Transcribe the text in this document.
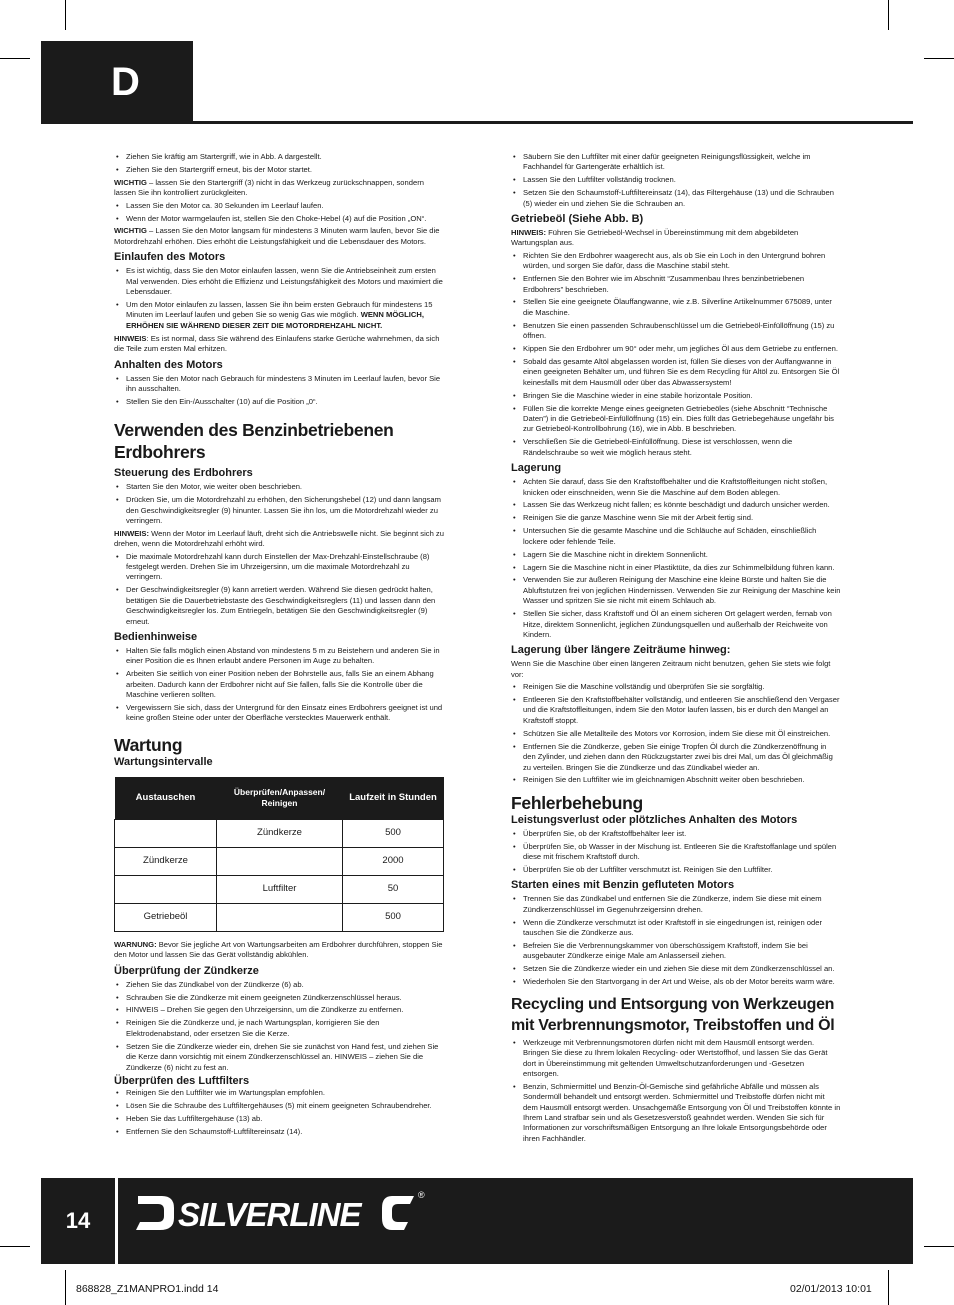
D
• Ziehen Sie kräftig am Startergriff, wie in Abb. A dargestellt.
• Ziehen Sie den Startergriff erneut, bis der Motor startet.

WICHTIG – lassen Sie den Startergriff (3) nicht in das Werkzeug zurückschnappen, sondern lassen Sie ihn kontrolliert zurückgleiten.

• Lassen Sie den Motor ca. 30 Sekunden im Leerlauf laufen.
• Wenn der Motor warmgelaufen ist, stellen Sie den Choke-Hebel (4) auf die Position „ON“.

WICHTIG – Lassen Sie den Motor langsam für mindestens 3 Minuten warm laufen, bevor Sie die Motordrehzahl erhöhen. Dies erhöht die Leistungsfähigkeit und die Lebensdauer des Motors.

Einlaufen des Motors
• Es ist wichtig, dass Sie den Motor einlaufen lassen, wenn Sie die Antriebseinheit zum ersten Mal verwenden. Dies erhöht die Effizienz und Leistungsfähigkeit des Motors und maximiert die Lebensdauer.
• Um den Motor einlaufen zu lassen, lassen Sie ihn beim ersten Gebrauch für mindestens 15 Minuten im Leerlauf laufen und geben Sie so wenig Gas wie möglich. WENN MÖGLICH, ERHÖHEN SIE WÄHREND DIESER ZEIT DIE MOTORDREHZAHL NICHT.

HINWEIS: Es ist normal, dass Sie während des Einlaufens starke Gerüche wahrnehmen, da sich die Teile zum ersten Mal erhitzen.

Anhalten des Motors
• Lassen Sie den Motor nach Gebrauch für mindestens 3 Minuten im Leerlauf laufen, bevor Sie ihn ausschalten.
• Stellen Sie den Ein-/Ausschalter (10) auf die Position „0“.
Verwenden des Benzinbetriebenen
Erdbohrers
Steuerung des Erdbohrers
• Starten Sie den Motor, wie weiter oben beschrieben.
• Drücken Sie, um die Motordrehzahl zu erhöhen, den Sicherungshebel (12) und dann langsam den Geschwindigkeitsregler (9) hinunter. Lassen Sie ihn los, um die Motordrehzahl wieder zu verringern.

HINWEIS: Wenn der Motor im Leerlauf läuft, dreht sich die Antriebswelle nicht. Sie beginnt sich zu drehen, wenn die Motordrehzahl erhöht wird.

• Die maximale Motordrehzahl kann durch Einstellen der Max-Drehzahl-Einstellschraube (8) festgelegt werden. Drehen Sie im Uhrzeigersinn, um die maximale Motordrehzahl zu verringern.
• Der Geschwindigkeitsregler (9) kann arretiert werden. Während Sie diesen gedrückt halten, betätigen Sie die Dauerbetriebstaste des Geschwindigkeitsreglers (11) und lassen dann den Geschwindigkeitsregler los. Zum Entriegeln, betätigen Sie den Geschwindigkeitsregler (9) erneut.
Bedienhinweise
• Halten Sie falls möglich einen Abstand von mindestens 5 m zu Beistehern und anderen Sie in einer Position die es Ihnen erlaubt andere Personen im Auge zu behalten.
• Arbeiten Sie seitlich von einer Position neben der Bohrstelle aus, falls Sie an einem Abhang arbeiten. Dadurch kann der Erdbohrer nicht auf Sie fallen, falls Sie die Kontrolle über die Maschine verlieren sollten.
• Vergewissern Sie sich, dass der Untergrund für den Einsatz eines Erdbohrers geeignet ist und keine großen Steine oder unter der Oberfläche verstecktes Mauerwerk enthält.
Wartung
Wartungsintervalle
Austauschen	Überprüfen/Anpassen/ Reinigen	Laufzeit in Stunden
	Zündkerze	500
Zündkerze		2000
	Luftfilter	50
Getriebeöl		500

WARNUNG: Bevor Sie jegliche Art von Wartungsarbeiten am Erdbohrer durchführen, stoppen Sie den Motor und lassen Sie das Gerät vollständig abkühlen.

Überprüfung der Zündkerze
• Ziehen Sie das Zündkabel von der Zündkerze (6) ab.
• Schrauben Sie die Zündkerze mit einem geeigneten Zündkerzenschlüssel heraus.
• HINWEIS – Drehen Sie gegen den Uhrzeigersinn, um die Zündkerze zu entfernen.
• Reinigen Sie die Zündkerze und, je nach Wartungsplan, korrigieren Sie den Elektrodenabstand, oder ersetzen Sie die Kerze.
• Setzen Sie die Zündkerze wieder ein, drehen Sie sie zunächst von Hand fest, und ziehen Sie die Kerze dann vorsichtig mit einem Zündkerzenschlüssel an. HINWEIS – ziehen Sie die Zündkerze (6) nicht zu fest an.
Überprüfen des Luftfilters
• Reinigen Sie den Luftfilter wie im Wartungsplan empfohlen.
• Lösen Sie die Schraube des Luftfiltergehäuses (5) mit einem geeigneten Schraubendreher.
• Heben Sie das Luftfiltergehäuse (13) ab.
• Entfernen Sie den Schaumstoff-Luftfiltereinsatz (14).
• Säubern Sie den Luftfilter mit einer dafür geeigneten Reinigungsflüssigkeit, welche im Fachhandel für Gartengeräte erhältlich ist.
• Lassen Sie den Luftfilter vollständig trocknen.
• Setzen Sie den Schaumstoff-Luftfiltereinsatz (14), das Filtergehäuse (13) und die Schrauben (5) wieder ein und ziehen Sie die Schrauben an.
Getriebeöl (Siehe Abb. B)

HINWEIS: Führen Sie Getriebeöl-Wechsel in Übereinstimmung mit dem abgebildeten Wartungsplan aus.

• Richten Sie den Erdbohrer waagerecht aus, als ob Sie ein Loch in den Untergrund bohren würden, und sorgen Sie dafür, dass die Maschine stabil steht.
• Entfernen Sie den Bohrer wie im Abschnitt “Zusammenbau Ihres benzinbetriebenen Erdbohrers” beschrieben.
• Stellen Sie eine geeignete Ölauffangwanne, wie z.B. Silverline Artikelnummer 675089, unter die Maschine.
• Benutzen Sie einen passenden Schraubenschlüssel um die Getriebeöl-Einfüllöffnung (15) zu öffnen.
• Kippen Sie den Erdbohrer um 90° oder mehr, um jegliches Öl aus dem Getriebe zu entfernen.
• Sobald das gesamte Altöl abgelassen worden ist, füllen Sie dieses von der Auffangwanne in einen geeigneten Behälter um, und führen Sie es dem Recycling für Altöl zu. Entsorgen Sie Öl keinesfalls mit dem Hausmüll oder über das Abwassersystem!
• Bringen Sie die Maschine wieder in eine stabile horizontale Position.
• Füllen Sie die korrekte Menge eines geeigneten Getriebeöles (siehe Abschnitt “Technische Daten”) in die Getriebeöl-Einfüllöffnung (15) ein. Dies füllt das Getriebegehäuse ungefähr bis zur Getriebeöl-Kontrollbohrung (16), wie in Abb. B beschrieben.
• Verschließen Sie die Getriebeöl-Einfüllöffnung. Diese ist verschlossen, wenn die Rändelschraube so weit wie möglich heraus steht.
Lagerung
• Achten Sie darauf, dass Sie den Kraftstoffbehälter und die Kraftstoffleitungen nicht stoßen, knicken oder einschneiden, wenn Sie die Maschine auf dem Boden ablegen.
• Lassen Sie das Werkzeug nicht fallen; es könnte beschädigt und dadurch unsicher werden.
• Reinigen Sie die ganze Maschine wenn Sie mit der Arbeit fertig sind.
• Untersuchen Sie die gesamte Maschine und die Schläuche auf Schäden, einschließlich lockere oder fehlende Teile.
• Lagern Sie die Maschine nicht in direktem Sonnenlicht.
• Lagern Sie die Maschine nicht in einer Plastiktüte, da dies zur Schimmelbildung führen kann.
• Verwenden Sie zur äußeren Reinigung der Maschine eine kleine Bürste und halten Sie die Abluftstutzen frei von jeglichen Hindernissen. Verwenden Sie zur Reinigung der Maschine kein Wasser und spritzen Sie sie nicht mit einem Schlauch ab.
• Stellen Sie sicher, dass Kraftstoff und Öl an einem sicheren Ort gelagert werden, fernab von Hitze, direktem Sonnenlicht, jeglichen Zündungsquellen und außerhalb der Reichweite von Kindern.
Lagerung über längere Zeiträume hinweg:

Wenn Sie die Maschine über einen längeren Zeitraum nicht benutzen, gehen Sie stets wie folgt vor:

• Reinigen Sie die Maschine vollständig und überprüfen Sie sie sorgfältig.
• Entleeren Sie den Kraftstoffbehälter vollständig, und entleeren Sie anschließend den Vergaser und die Kraftstoffleitungen, indem Sie den Motor laufen lassen, bis er durch den Mangel an Kraftstoff stoppt.
• Schützen Sie alle Metallteile des Motors vor Korrosion, indem Sie diese mit Öl einstreichen.
• Entfernen Sie die Zündkerze, geben Sie einige Tropfen Öl durch die Zündkerzenöffnung in den Zylinder, und ziehen dann den Rückzugstarter zwei bis drei Mal, um das Öl gleichmäßig zu verteilen. Bringen Sie die Zündkerze und das Zündkabel wieder an.
• Reinigen Sie den Luftfilter wie im gleichnamigen Abschnitt weiter oben beschrieben.
Fehlerbehebung
Leistungsverlust oder plötzliches Anhalten des Motors
• Überprüfen Sie, ob der Kraftstoffbehälter leer ist.
• Überprüfen Sie, ob Wasser in der Mischung ist. Entleeren Sie die Kraftstoffanlage und spülen diese mit frischem Kraftstoff durch.
• Überprüfen Sie ob der Luftfilter verschmutzt ist. Reinigen Sie den Luftfilter.
Starten eines mit Benzin gefluteten Motors
• Trennen Sie das Zündkabel und entfernen Sie die Zündkerze, indem Sie diese mit einem Zündkerzenschlüssel im Gegenuhrzeigersinn drehen.
• Wenn die Zündkerze verschmutzt ist oder Kraftstoff in sie eingedrungen ist, reinigen oder tauschen Sie die Zündkerze aus.
• Befreien Sie die Verbrennungskammer von überschüssigem Kraftstoff, indem Sie bei ausgebauter Zündkerze einige Male am Anlasserseil ziehen.
• Setzen Sie die Zündkerze wieder ein und ziehen Sie diese mit dem Zündkerzenschlüssel an.
• Wiederholen Sie den Startvorgang in der Art und Weise, als ob der Motor bereits warm wäre.
Recycling und Entsorgung von Werkzeugen
mit Verbrennungsmotor, Treibstoffen und Öl
• Werkzeuge mit Verbrennungsmotoren dürfen nicht mit dem Hausmüll entsorgt werden. Bringen Sie diese zu Ihrem lokalen Recycling- oder Wertstoffhof, und lassen Sie das Gerät dort in Übereinstimmung mit geltenden Umweltschutzanforderungen und -Gesetzen entsorgen.
• Benzin, Schmiermittel und Benzin-Öl-Gemische sind gefährliche Abfälle und müssen als Sondermüll behandelt und entsorgt werden. Schmiermittel und Treibstoffe dürfen nicht mit dem Hausmüll entsorgt werden. Unsachgemäße Entsorgung von Öl und Treibstoffen könnte in Ihrem Land strafbar sein und als Gesetzesverstoß geahndet werden. Wenden Sie sich für Informationen zur vorschriftsmäßigen Entsorgung an Ihre lokale Entsorgungsbehörde oder ihren Fachhändler.
14	SILVERLINE
®
868828_Z1MANPRO1.indd 14	02/01/2013 10:01
